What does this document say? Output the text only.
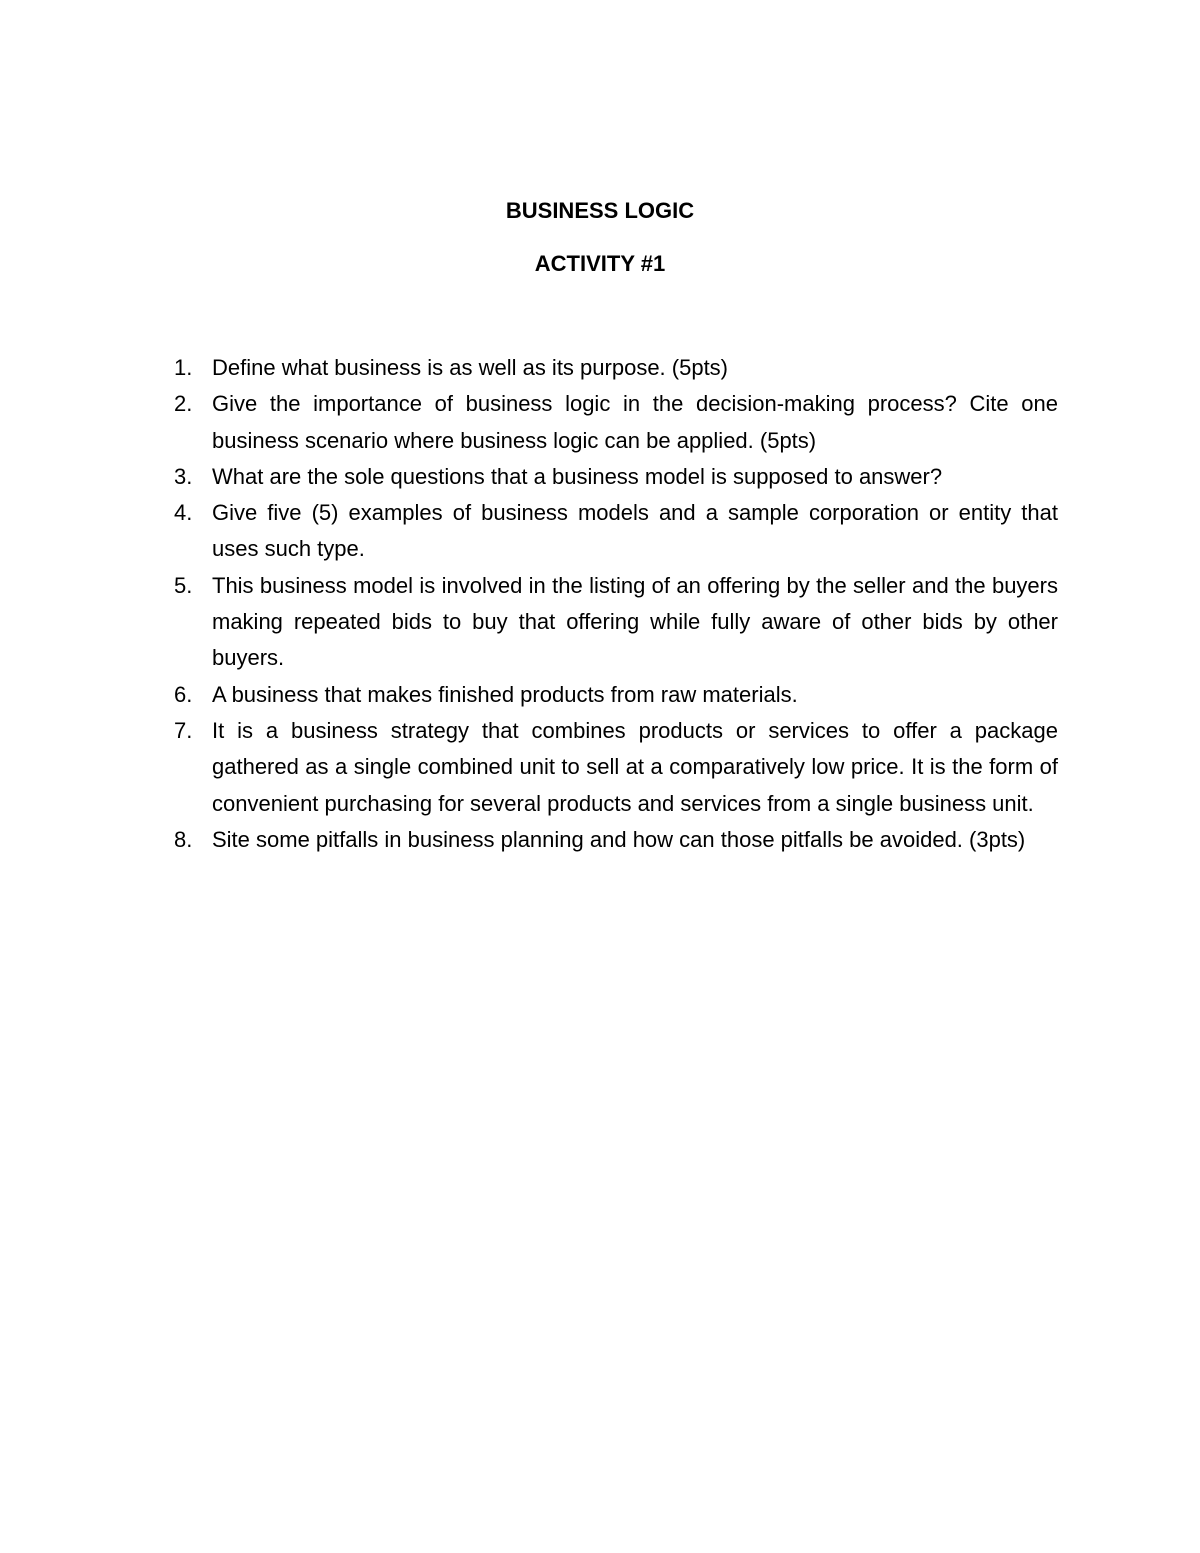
BUSINESS LOGIC
ACTIVITY #1
1. Define what business is as well as its purpose. (5pts)
2. Give the importance of business logic in the decision-making process? Cite one business scenario where business logic can be applied. (5pts)
3. What are the sole questions that a business model is supposed to answer?
4. Give five (5) examples of business models and a sample corporation or entity that uses such type.
5. This business model is involved in the listing of an offering by the seller and the buyers making repeated bids to buy that offering while fully aware of other bids by other buyers.
6. A business that makes finished products from raw materials.
7. It is a business strategy that combines products or services to offer a package gathered as a single combined unit to sell at a comparatively low price. It is the form of convenient purchasing for several products and services from a single business unit.
8. Site some pitfalls in business planning and how can those pitfalls be avoided. (3pts)
